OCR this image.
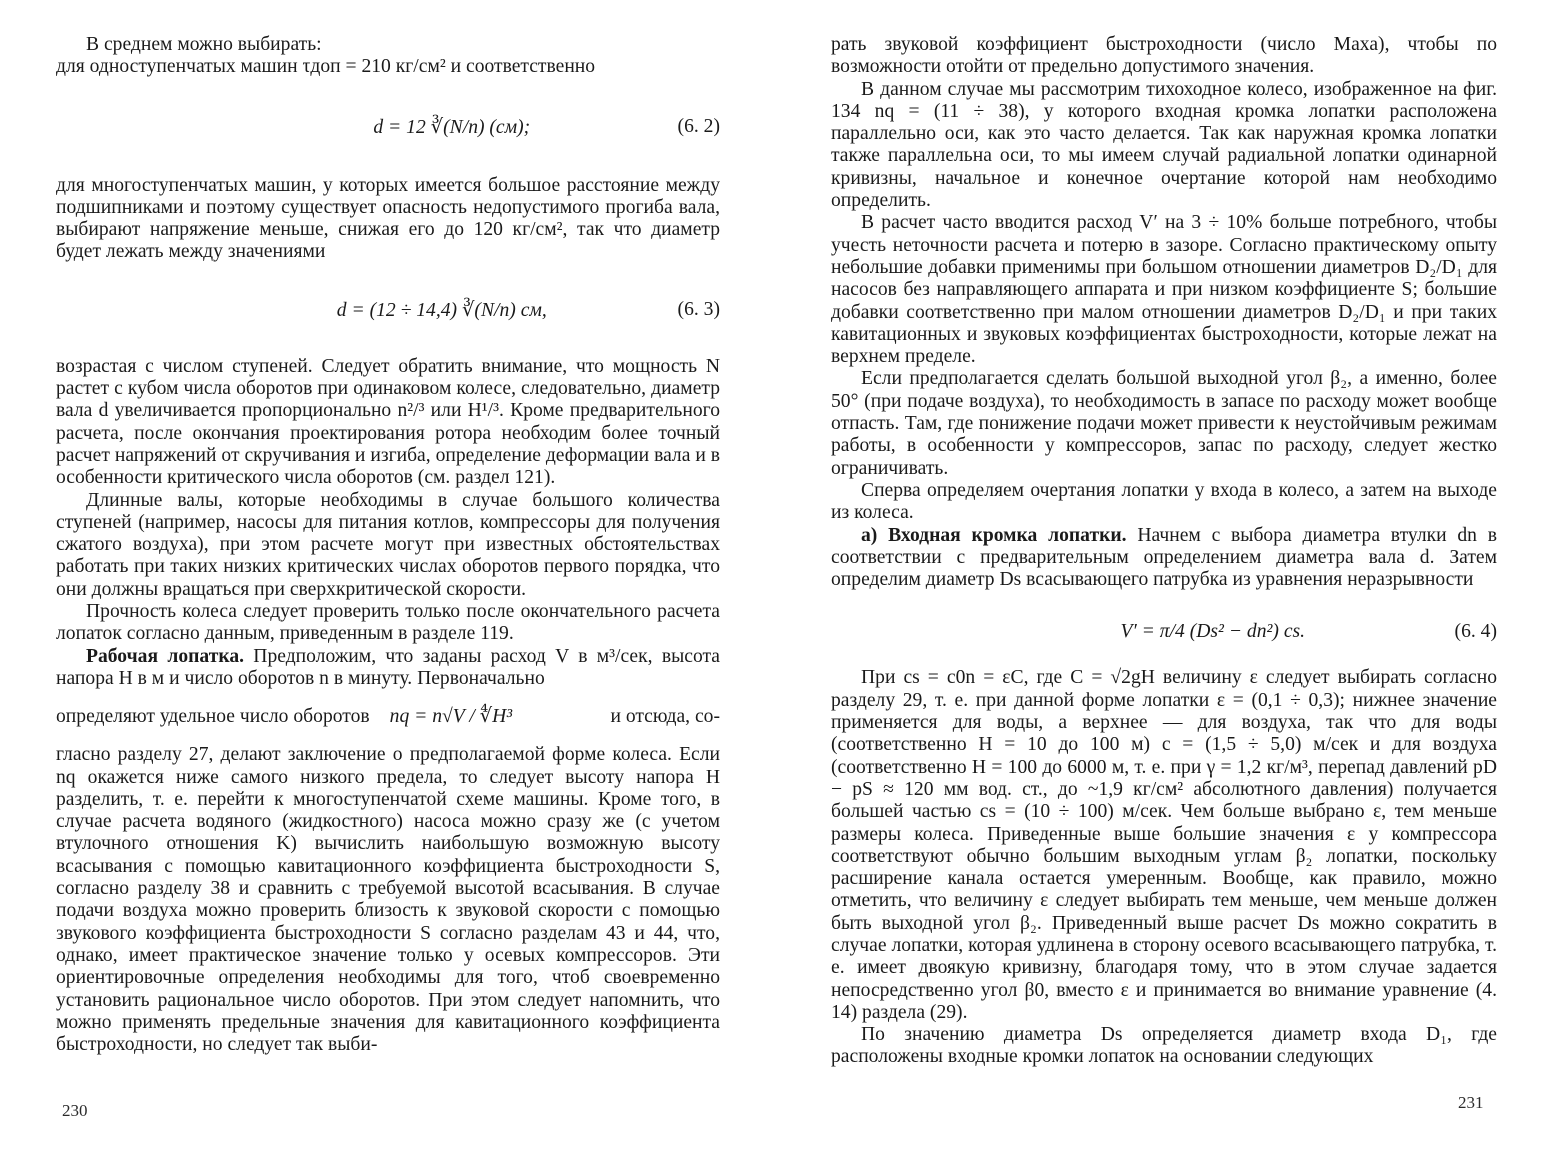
В среднем можно выбирать:

для одноступенчатых машин τдоп = 210 кг/см² и соответственно

d = 12 ∛(N/n) (см);	(6. 2)

для многоступенчатых машин, у которых имеется большое расстояние между подшипниками и поэтому существует опасность недопустимого прогиба вала, выбирают напряжение меньше, снижая его до 120 кг/см², так что диаметр будет лежать между значениями

d = (12 ÷ 14,4) ∛(N/n) см,	(6. 3)

возрастая с числом ступеней. Следует обратить внимание, что мощность N растет с кубом числа оборотов при одинаковом колесе, следовательно, диаметр вала d увеличивается пропорционально n²/³ или H¹/³. Кроме предварительного расчета, после окончания проектирования ротора необходим более точный расчет напряжений от скручивания и изгиба, определение деформации вала и в особенности критического числа оборотов (см. раздел 121).

Длинные валы, которые необходимы в случае большого количества ступеней (например, насосы для питания котлов, компрессоры для получения сжатого воздуха), при этом расчете могут при известных обстоятельствах работать при таких низких критических числах оборотов первого порядка, что они должны вращаться при сверхкритической скорости.

Прочность колеса следует проверить только после окончательного расчета лопаток согласно данным, приведенным в разделе 119.

Рабочая лопатка. Предположим, что заданы расход V в м³/сек, высота напора H в м и число оборотов n в минуту. Первоначально

определяют удельное число оборотов nq = n√V / ∜H³	и отсюда, со-

гласно разделу 27, делают заключение о предполагаемой форме колеса. Если nq окажется ниже самого низкого предела, то следует высоту напора H разделить, т. е. перейти к многоступенчатой схеме машины. Кроме того, в случае расчета водяного (жидкостного) насоса можно сразу же (с учетом втулочного отношения K) вычислить наибольшую возможную высоту всасывания с помощью кавитационного коэффициента быстроходности S, согласно разделу 38 и сравнить с требуемой высотой всасывания. В случае подачи воздуха можно проверить близость к звуковой скорости с помощью звукового коэффициента быстроходности S согласно разделам 43 и 44, что, однако, имеет практическое значение только у осевых компрессоров. Эти ориентировочные определения необходимы для того, чтоб своевременно установить рациональное число оборотов. При этом следует напомнить, что можно применять предельные значения для кавитационного коэффициента быстроходности, но следует так выби-

230

рать звуковой коэффициент быстроходности (число Маха), чтобы по возможности отойти от предельно допустимого значения.

В данном случае мы рассмотрим тихоходное колесо, изображенное на фиг. 134 nq = (11 ÷ 38), у которого входная кромка лопатки расположена параллельно оси, как это часто делается. Так как наружная кромка лопатки также параллельна оси, то мы имеем случай радиальной лопатки одинарной кривизны, начальное и конечное очертание которой нам необходимо определить.

В расчет часто вводится расход V′ на 3 ÷ 10% больше потребного, чтобы учесть неточности расчета и потерю в зазоре. Согласно практическому опыту небольшие добавки применимы при большом отношении диаметров D₂/D₁ для насосов без направляющего аппарата и при низком коэффициенте S; большие добавки соответственно при малом отношении диаметров D₂/D₁ и при таких кавитационных и звуковых коэффициентах быстроходности, которые лежат на верхнем пределе.

Если предполагается сделать большой выходной угол β₂, а именно, более 50° (при подаче воздуха), то необходимость в запасе по расходу может вообще отпасть. Там, где понижение подачи может привести к неустойчивым режимам работы, в особенности у компрессоров, запас по расходу, следует жестко ограничивать.

Сперва определяем очертания лопатки у входа в колесо, а затем на выходе из колеса.

а) Входная кромка лопатки. Начнем с выбора диаметра втулки dn в соответствии с предварительным определением диаметра вала d. Затем определим диаметр Ds всасывающего патрубка из уравнения неразрывности

V′ = π/4 (Ds² − dn²) cs.	(6. 4)

При cs = c0n = εC, где C = √2gH величину ε следует выбирать согласно разделу 29, т. е. при данной форме лопатки ε = (0,1 ÷ 0,3); нижнее значение применяется для воды, а верхнее — для воздуха, так что для воды (соответственно H = 10 до 100 м) c = (1,5 ÷ 5,0) м/сек и для воздуха (соответственно H = 100 до 6000 м, т. е. при γ = 1,2 кг/м³, перепад давлений pD − pS ≈ 120 мм вод. ст., до ~1,9 кг/см² абсолютного давления) получается большей частью cs = (10 ÷ 100) м/сек. Чем больше выбрано ε, тем меньше размеры колеса. Приведенные выше большие значения ε у компрессора соответствуют обычно большим выходным углам β₂ лопатки, поскольку расширение канала остается умеренным. Вообще, как правило, можно отметить, что величину ε следует выбирать тем меньше, чем меньше должен быть выходной угол β₂. Приведенный выше расчет Ds можно сократить в случае лопатки, которая удлинена в сторону осевого всасывающего патрубка, т. е. имеет двоякую кривизну, благодаря тому, что в этом случае задается непосредственно угол β0, вместо ε и принимается во внимание уравнение (4. 14) раздела (29).

По значению диаметра Ds определяется диаметр входа D₁, где расположены входные кромки лопаток на основании следующих

231
